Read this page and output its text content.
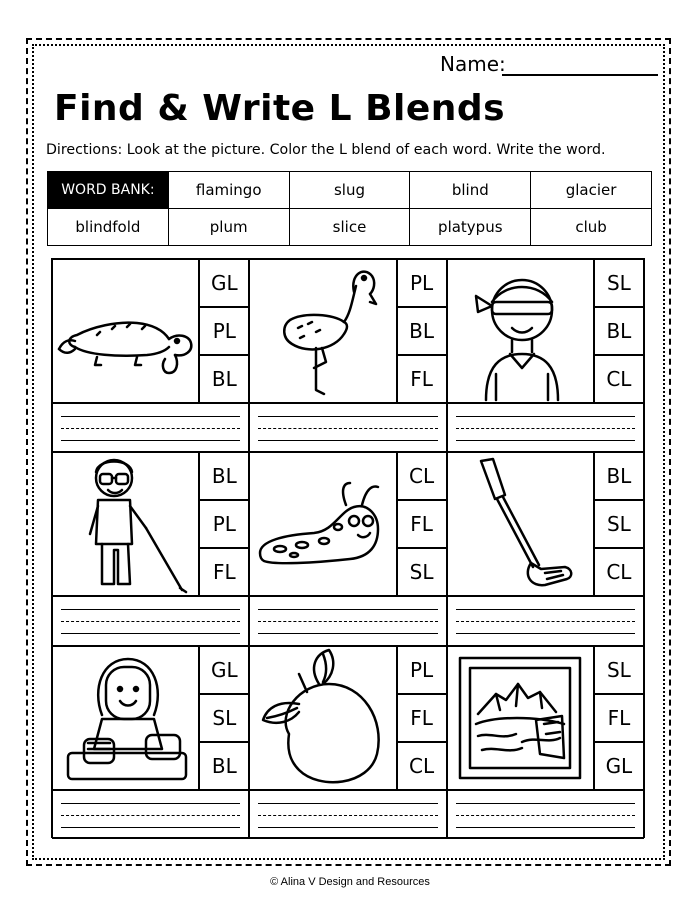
Name:
Find & Write L Blends
Directions: Look at the picture. Color the L blend of each word. Write the word.
WORD BANK:	flamingo	slug	blind	glacier
blindfold	plum	slice	platypus	club
GL
PL
BL
PL
BL
FL
SL
BL
CL
BL
PL
FL
CL
FL
SL
BL
SL
CL
GL
SL
BL
PL
FL
CL
SL
FL
GL
© Alina V Design and Resources
